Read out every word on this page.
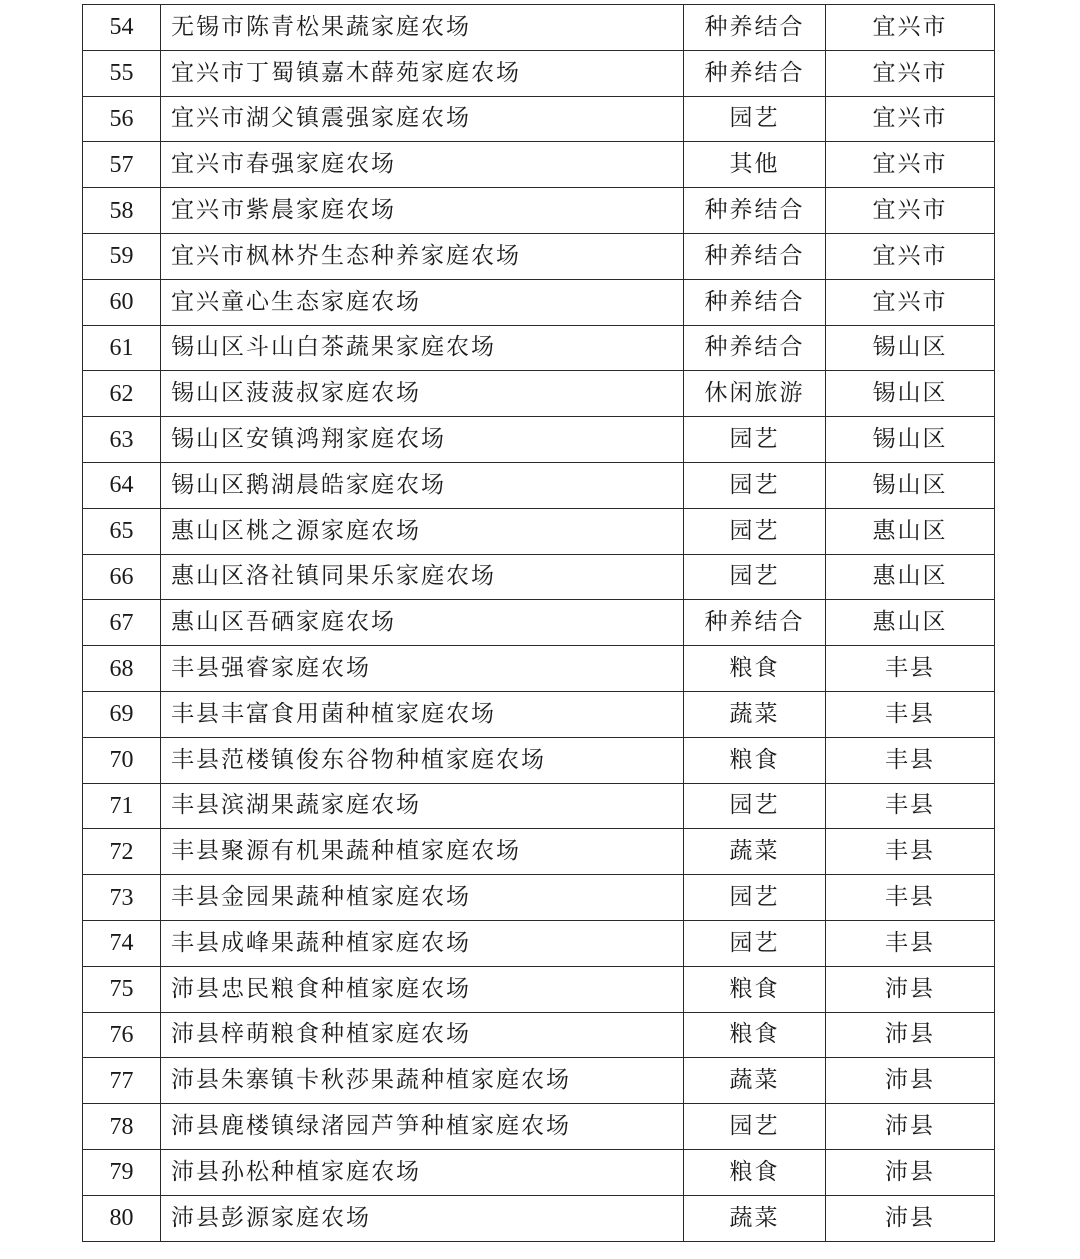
54	无锡市陈青松果蔬家庭农场	种养结合	宜兴市
55	宜兴市丁蜀镇嘉木薛苑家庭农场	种养结合	宜兴市
56	宜兴市湖父镇震强家庭农场	园艺	宜兴市
57	宜兴市春强家庭农场	其他	宜兴市
58	宜兴市紫晨家庭农场	种养结合	宜兴市
59	宜兴市枫林岕生态种养家庭农场	种养结合	宜兴市
60	宜兴童心生态家庭农场	种养结合	宜兴市
61	锡山区斗山白茶蔬果家庭农场	种养结合	锡山区
62	锡山区菠菠叔家庭农场	休闲旅游	锡山区
63	锡山区安镇鸿翔家庭农场	园艺	锡山区
64	锡山区鹅湖晨皓家庭农场	园艺	锡山区
65	惠山区桃之源家庭农场	园艺	惠山区
66	惠山区洛社镇同果乐家庭农场	园艺	惠山区
67	惠山区吾硒家庭农场	种养结合	惠山区
68	丰县强睿家庭农场	粮食	丰县
69	丰县丰富食用菌种植家庭农场	蔬菜	丰县
70	丰县范楼镇俊东谷物种植家庭农场	粮食	丰县
71	丰县滨湖果蔬家庭农场	园艺	丰县
72	丰县聚源有机果蔬种植家庭农场	蔬菜	丰县
73	丰县金园果蔬种植家庭农场	园艺	丰县
74	丰县成峰果蔬种植家庭农场	园艺	丰县
75	沛县忠民粮食种植家庭农场	粮食	沛县
76	沛县梓萌粮食种植家庭农场	粮食	沛县
77	沛县朱寨镇卡秋莎果蔬种植家庭农场	蔬菜	沛县
78	沛县鹿楼镇绿渚园芦笋种植家庭农场	园艺	沛县
79	沛县孙松种植家庭农场	粮食	沛县
80	沛县彭源家庭农场	蔬菜	沛县
